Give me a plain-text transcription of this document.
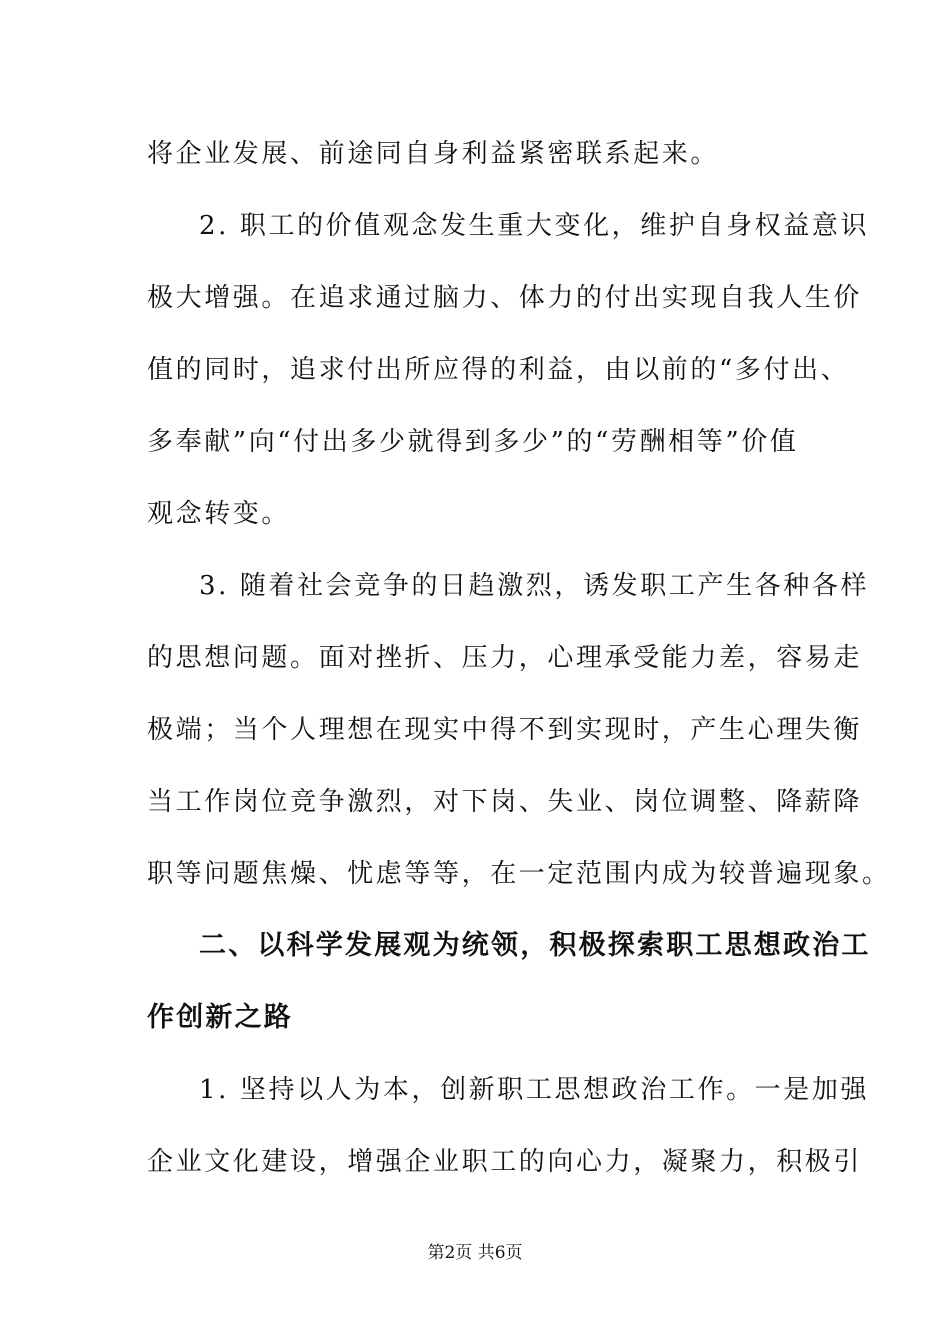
将企业发展、前途同自身利益紧密联系起来。
2. 职工的价值观念发生重大变化，维护自身权益意识
极大增强。在追求通过脑力、体力的付出实现自我人生价
值的同时，追求付出所应得的利益，由以前的“多付出、
多奉献”向“付出多少就得到多少”的“劳酬相等”价值
观念转变。
3. 随着社会竞争的日趋激烈，诱发职工产生各种各样
的思想问题。面对挫折、压力，心理承受能力差，容易走
极端；当个人理想在现实中得不到实现时，产生心理失衡
当工作岗位竞争激烈，对下岗、失业、岗位调整、降薪降
职等问题焦燥、忧虑等等，在一定范围内成为较普遍现象。
二、以科学发展观为统领，积极探索职工思想政治工
作创新之路
1. 坚持以人为本，创新职工思想政治工作。一是加强
企业文化建设，增强企业职工的向心力，凝聚力，积极引
第2页 共6页
